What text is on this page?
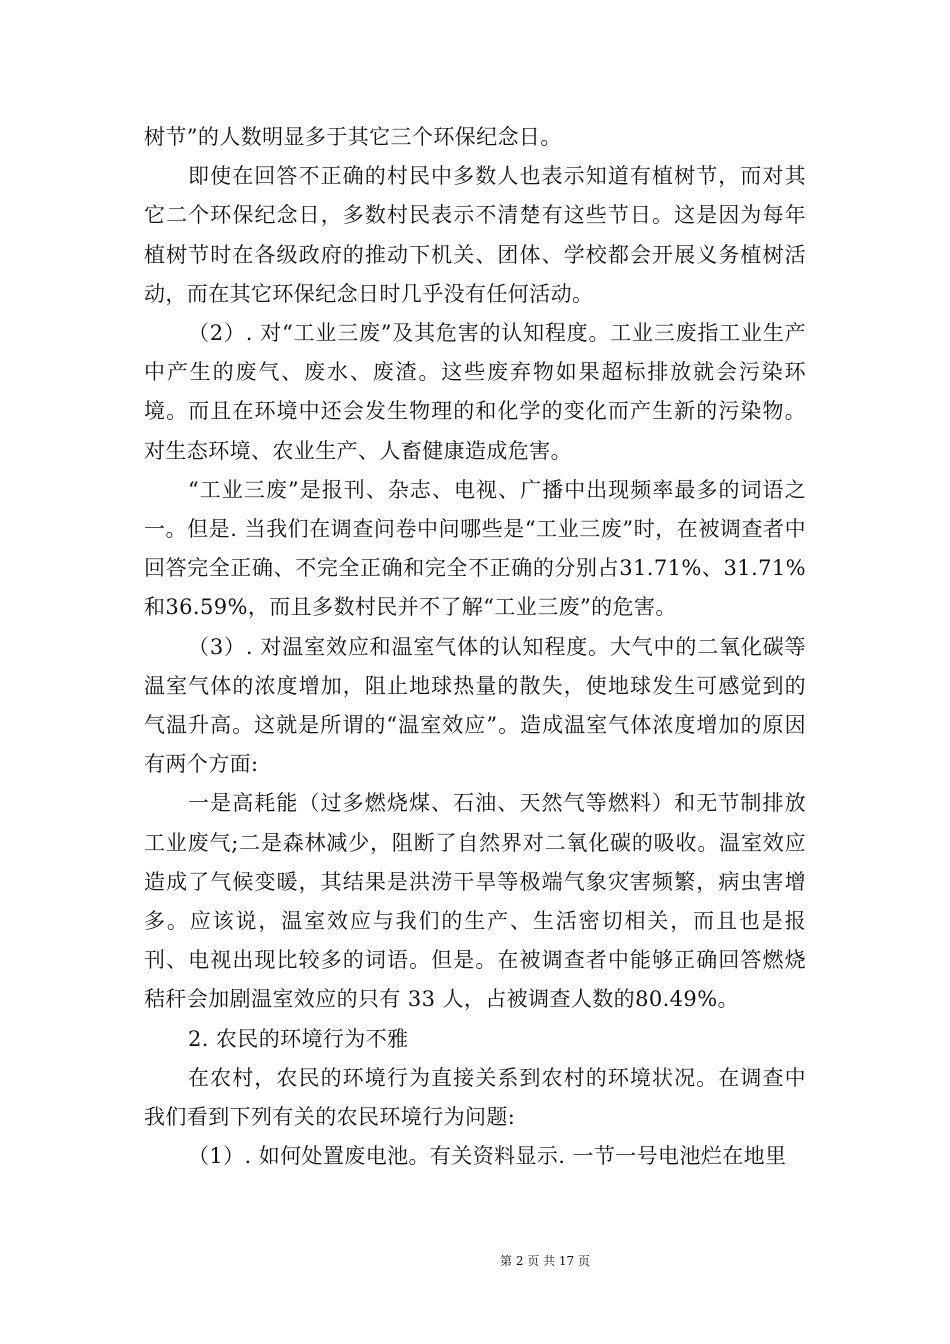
树节”的人数明显多于其它三个环保纪念日。

即使在回答不正确的村民中多数人也表示知道有植树节，而对其它二个环保纪念日，多数村民表示不清楚有这些节日。这是因为每年植树节时在各级政府的推动下机关、团体、学校都会开展义务植树活动，而在其它环保纪念日时几乎没有任何活动。

（2）. 对“工业三废”及其危害的认知程度。工业三废指工业生产中产生的废气、废水、废渣。这些废弃物如果超标排放就会污染环境。而且在环境中还会发生物理的和化学的变化而产生新的污染物。对生态环境、农业生产、人畜健康造成危害。

“工业三废”是报刊、杂志、电视、广播中出现频率最多的词语之一。但是. 当我们在调查问卷中问哪些是“工业三废”时，在被调查者中回答完全正确、不完全正确和完全不正确的分别占31.71%、31.71%和36.59%，而且多数村民并不了解“工业三废”的危害。

（3）. 对温室效应和温室气体的认知程度。大气中的二氧化碳等温室气体的浓度增加，阻止地球热量的散失，使地球发生可感觉到的气温升高。这就是所谓的“温室效应”。造成温室气体浓度增加的原因有两个方面:

一是高耗能（过多燃烧煤、石油、天然气等燃料）和无节制排放工业废气;二是森林减少，阻断了自然界对二氧化碳的吸收。温室效应造成了气候变暖，其结果是洪涝干旱等极端气象灾害频繁，病虫害增多。应该说，温室效应与我们的生产、生活密切相关，而且也是报刊、电视出现比较多的词语。但是。在被调查者中能够正确回答燃烧秸秆会加剧温室效应的只有 33 人，占被调查人数的80.49%。

2. 农民的环境行为不雅

在农村，农民的环境行为直接关系到农村的环境状况。在调查中我们看到下列有关的农民环境行为问题:

（1）. 如何处置废电池。有关资料显示. 一节一号电池烂在地里

第 2 页 共 17 页
